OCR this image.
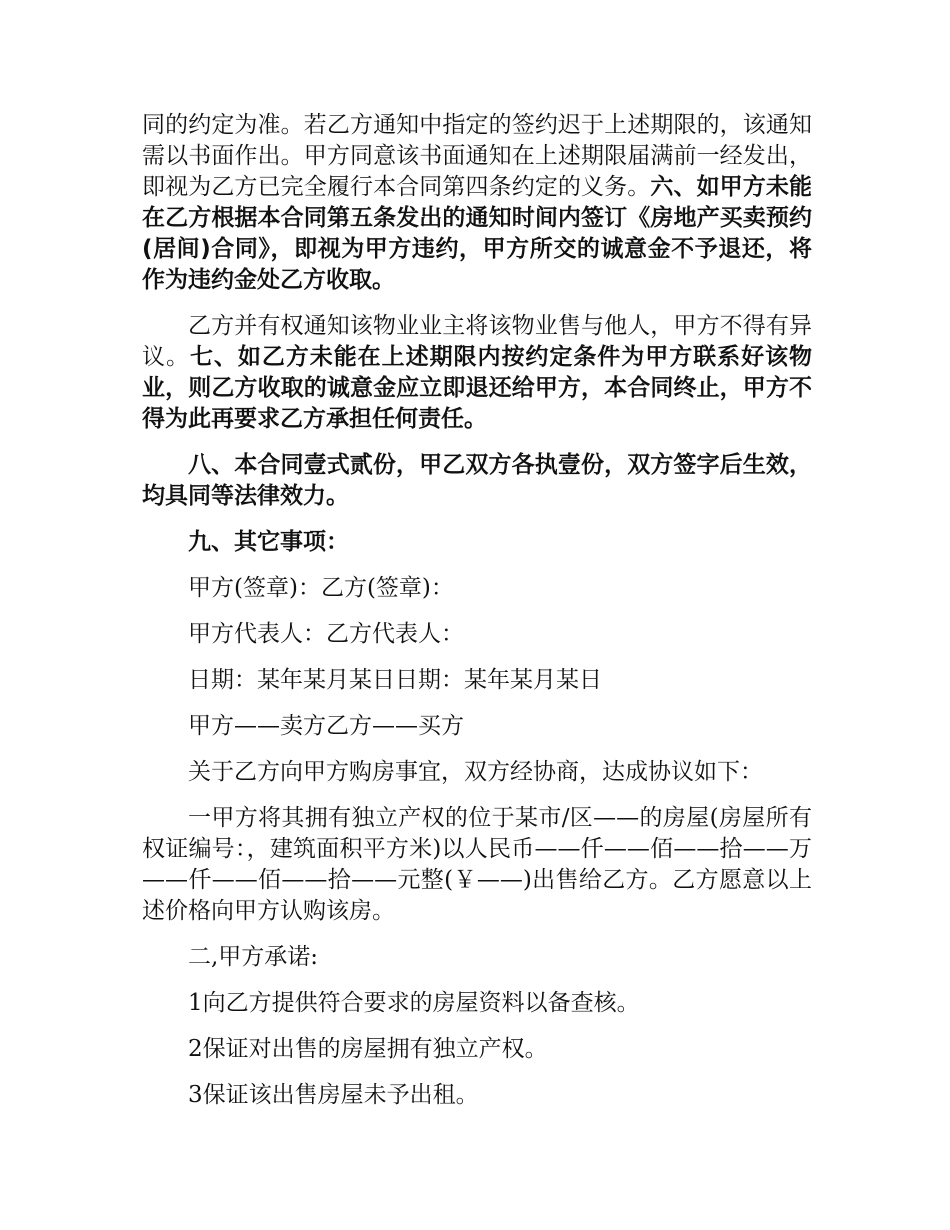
同的约定为准。若乙方通知中指定的签约迟于上述期限的，该通知需以书面作出。甲方同意该书面通知在上述期限届满前一经发出，即视为乙方已完全履行本合同第四条约定的义务。六、如甲方未能在乙方根据本合同第五条发出的通知时间内签订《房地产买卖预约(居间)合同》，即视为甲方违约，甲方所交的诚意金不予退还，将作为违约金处乙方收取。

乙方并有权通知该物业业主将该物业售与他人，甲方不得有异议。七、如乙方未能在上述期限内按约定条件为甲方联系好该物业，则乙方收取的诚意金应立即退还给甲方，本合同终止，甲方不得为此再要求乙方承担任何责任。

八、本合同壹式贰份，甲乙双方各执壹份，双方签字后生效，均具同等法律效力。

九、其它事项：

甲方(签章)：乙方(签章)：

甲方代表人：乙方代表人：

日期：某年某月某日日期：某年某月某日

甲方——卖方乙方——买方

关于乙方向甲方购房事宜，双方经协商，达成协议如下：

一甲方将其拥有独立产权的位于某市/区——的房屋(房屋所有权证编号：，建筑面积平方米)以人民币——仟——佰——拾——万——仟——佰——拾——元整(￥——)出售给乙方。乙方愿意以上述价格向甲方认购该房。

二,甲方承诺:

1向乙方提供符合要求的房屋资料以备查核。

2保证对出售的房屋拥有独立产权。

3保证该出售房屋未予出租。
